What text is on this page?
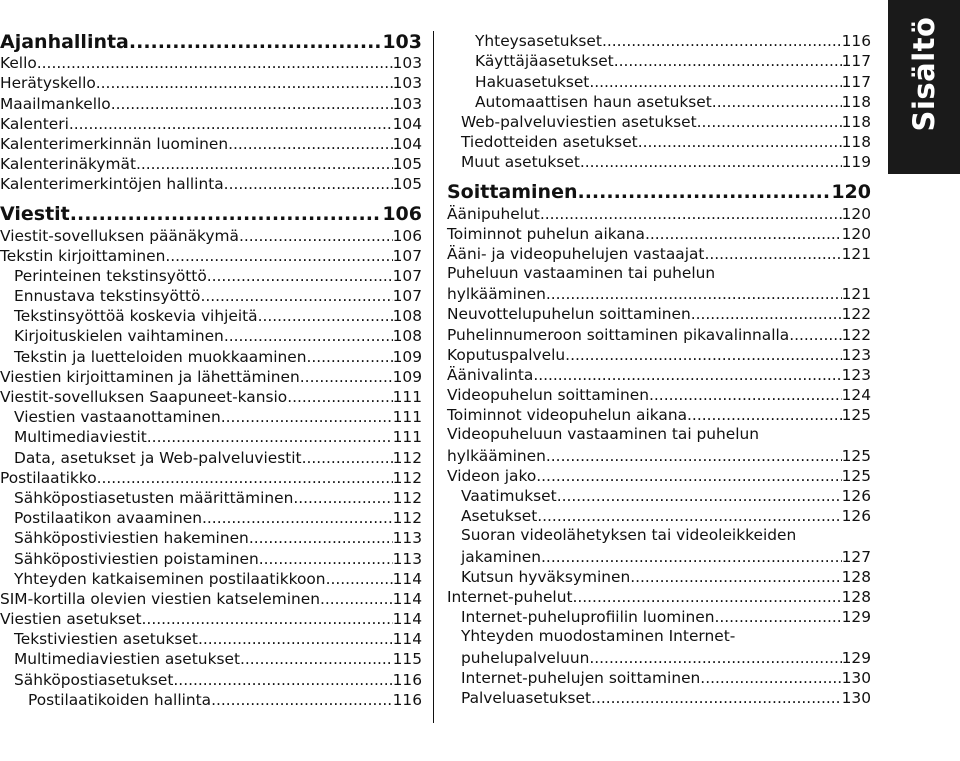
Sisältö
Ajanhallinta .....	103
Kello .....	103
Herätyskello .....	103
Maailmankello .....	103
Kalenteri .....	104
Kalenterimerkinnän luominen .....	104
Kalenterinäkymät .....	105
Kalenterimerkintöjen hallinta .....	105
Viestit .....	106
Viestit-sovelluksen päänäkymä .....	106
Tekstin kirjoittaminen .....	107
Perinteinen tekstinsyöttö .....	107
Ennustava tekstinsyöttö .....	107
Tekstinsyöttöä koskevia vihjeitä .....	108
Kirjoituskielen vaihtaminen .....	108
Tekstin ja luetteloiden muokkaaminen .....	109
Viestien kirjoittaminen ja lähettäminen .....	109
Viestit-sovelluksen Saapuneet-kansio .....	111
Viestien vastaanottaminen .....	111
Multimediaviestit .....	111
Data, asetukset ja Web-palveluviestit .....	112
Postilaatikko .....	112
Sähköpostiasetusten määrittäminen .....	112
Postilaatikon avaaminen .....	112
Sähköpostiviestien hakeminen .....	113
Sähköpostiviestien poistaminen .....	113
Yhteyden katkaiseminen postilaatikkoon .....	114
SIM-kortilla olevien viestien katseleminen .....	114
Viestien asetukset .....	114
Tekstiviestien asetukset .....	114
Multimediaviestien asetukset .....	115
Sähköpostiasetukset .....	116
Postilaatikoiden hallinta .....	116
Yhteysasetukset .....	116
Käyttäjäasetukset .....	117
Hakuasetukset .....	117
Automaattisen haun asetukset .....	118
Web-palveluviestien asetukset .....	118
Tiedotteiden asetukset .....	118
Muut asetukset .....	119
Soittaminen .....	120
Äänipuhelut .....	120
Toiminnot puhelun aikana .....	120
Ääni- ja videopuhelujen vastaajat .....	121
Puheluun vastaaminen tai puhelun
hylkääminen .....	121
Neuvottelupuhelun soittaminen .....	122
Puhelinnumeroon soittaminen pikavalinnalla .....	122
Koputuspalvelu .....	123
Äänivalinta .....	123
Videopuhelun soittaminen .....	124
Toiminnot videopuhelun aikana .....	125
Videopuheluun vastaaminen tai puhelun
hylkääminen .....	125
Videon jako .....	125
Vaatimukset .....	126
Asetukset .....	126
Suoran videolähetyksen tai videoleikkeiden
jakaminen .....	127
Kutsun hyväksyminen .....	128
Internet-puhelut .....	128
Internet-puheluprofiilin luominen .....	129
Yhteyden muodostaminen Internet-
puhelupalveluun .....	129
Internet-puhelujen soittaminen .....	130
Palveluasetukset .....	130
